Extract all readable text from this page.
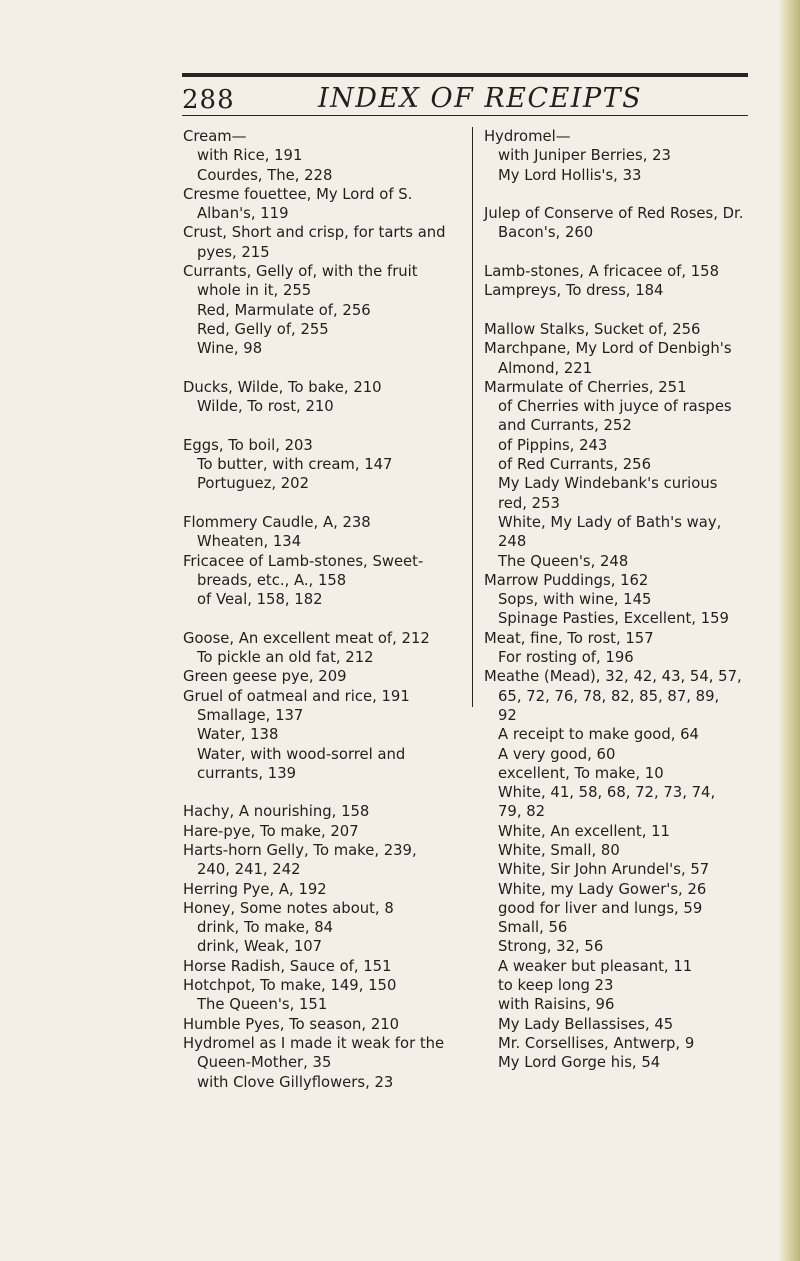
288	INDEX OF RECEIPTS
Cream—
with Rice, 191
Courdes, The, 228
Cresme fouettee, My Lord of S.
Alban's, 119
Crust, Short and crisp, for tarts and
pyes, 215
Currants, Gelly of, with the fruit
whole in it, 255
Red, Marmulate of, 256
Red, Gelly of, 255
Wine, 98
Ducks, Wilde, To bake, 210
Wilde, To rost, 210
Eggs, To boil, 203
To butter, with cream, 147
Portuguez, 202
Flommery Caudle, A, 238
Wheaten, 134
Fricacee of Lamb-stones, Sweet-
breads, etc., A., 158
of Veal, 158, 182
Goose, An excellent meat of, 212
To pickle an old fat, 212
Green geese pye, 209
Gruel of oatmeal and rice, 191
Smallage, 137
Water, 138
Water, with wood-sorrel and
currants, 139
Hachy, A nourishing, 158
Hare-pye, To make, 207
Harts-horn Gelly, To make, 239,
240, 241, 242
Herring Pye, A, 192
Honey, Some notes about, 8
drink, To make, 84
drink, Weak, 107
Horse Radish, Sauce of, 151
Hotchpot, To make, 149, 150
The Queen's, 151
Humble Pyes, To season, 210
Hydromel as I made it weak for the
Queen-Mother, 35
with Clove Gillyflowers, 23
Hydromel—
with Juniper Berries, 23
My Lord Hollis's, 33
Julep of Conserve of Red Roses, Dr.
Bacon's, 260
Lamb-stones, A fricacee of, 158
Lampreys, To dress, 184
Mallow Stalks, Sucket of, 256
Marchpane, My Lord of Denbigh's
Almond, 221
Marmulate of Cherries, 251
of Cherries with juyce of raspes
and Currants, 252
of Pippins, 243
of Red Currants, 256
My Lady Windebank's curious
red, 253
White, My Lady of Bath's way,
248
The Queen's, 248
Marrow Puddings, 162
Sops, with wine, 145
Spinage Pasties, Excellent, 159
Meat, fine, To rost, 157
For rosting of, 196
Meathe (Mead), 32, 42, 43, 54, 57,
65, 72, 76, 78, 82, 85, 87, 89,
92
A receipt to make good, 64
A very good, 60
excellent, To make, 10
White, 41, 58, 68, 72, 73, 74,
79, 82
White, An excellent, 11
White, Small, 80
White, Sir John Arundel's, 57
White, my Lady Gower's, 26
good for liver and lungs, 59
Small, 56
Strong, 32, 56
A weaker but pleasant, 11
to keep long 23
with Raisins, 96
My Lady Bellassises, 45
Mr. Corsellises, Antwerp, 9
My Lord Gorge his, 54
